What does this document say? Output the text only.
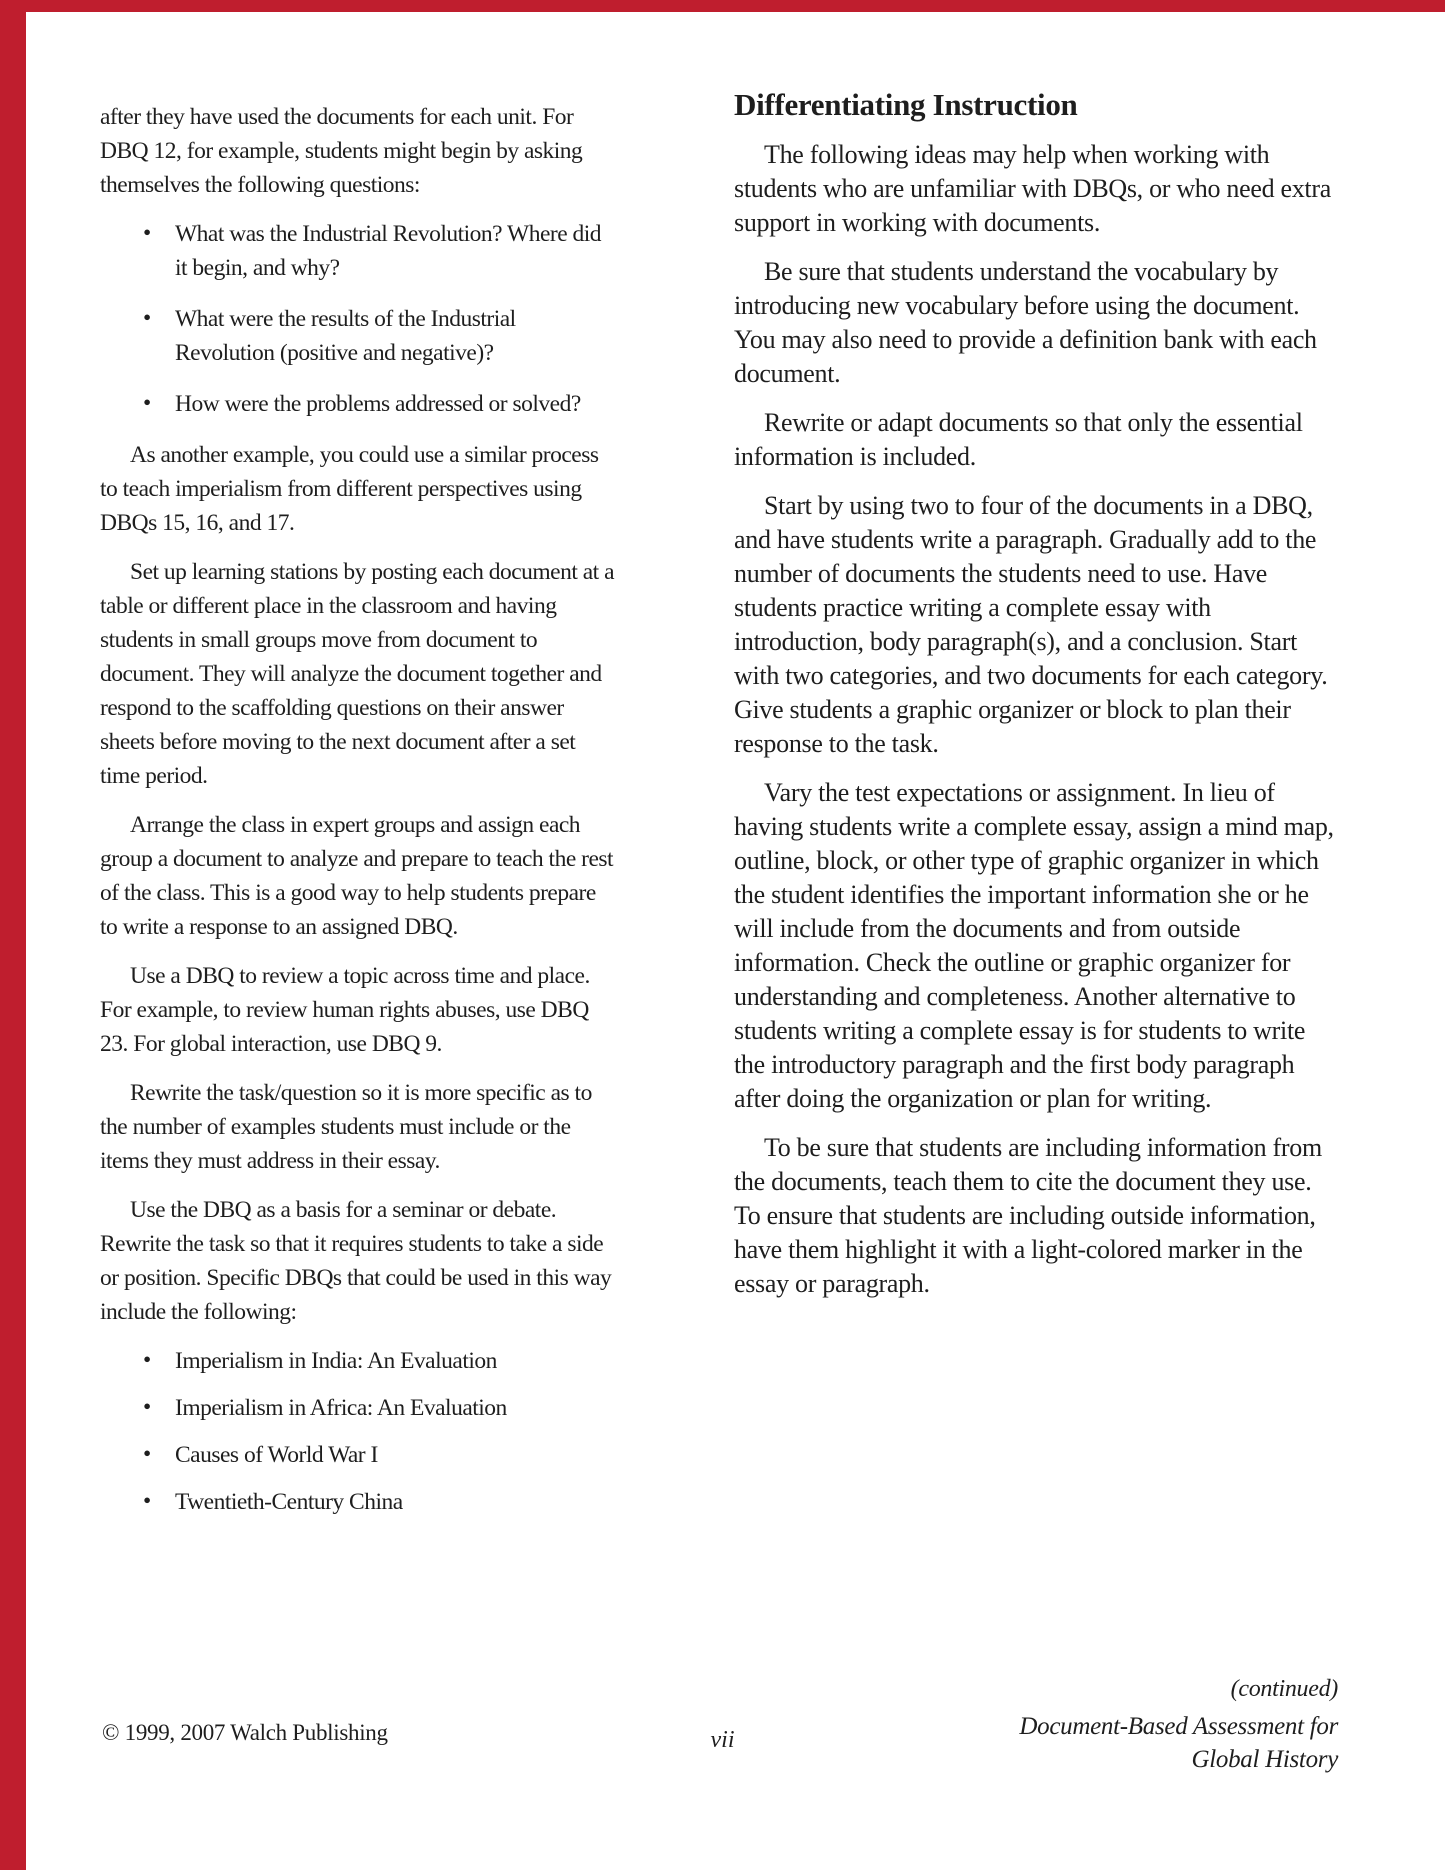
after they have used the documents for each unit. For DBQ 12, for example, students might begin by asking themselves the following questions:

• What was the Industrial Revolution? Where did it begin, and why?
• What were the results of the Industrial Revolution (positive and negative)?
• How were the problems addressed or solved?

As another example, you could use a similar process to teach imperialism from different perspectives using DBQs 15, 16, and 17.

Set up learning stations by posting each document at a table or different place in the classroom and having students in small groups move from document to document. They will analyze the document together and respond to the scaffolding questions on their answer sheets before moving to the next document after a set time period.

Arrange the class in expert groups and assign each group a document to analyze and prepare to teach the rest of the class. This is a good way to help students prepare to write a response to an assigned DBQ.

Use a DBQ to review a topic across time and place. For example, to review human rights abuses, use DBQ 23. For global interaction, use DBQ 9.

Rewrite the task/question so it is more specific as to the number of examples students must include or the items they must address in their essay.

Use the DBQ as a basis for a seminar or debate. Rewrite the task so that it requires students to take a side or position. Specific DBQs that could be used in this way include the following:

• Imperialism in India: An Evaluation
• Imperialism in Africa: An Evaluation
• Causes of World War I
• Twentieth-Century China
Differentiating Instruction

The following ideas may help when working with students who are unfamiliar with DBQs, or who need extra support in working with documents.

Be sure that students understand the vocabulary by introducing new vocabulary before using the document. You may also need to provide a definition bank with each document.

Rewrite or adapt documents so that only the essential information is included.

Start by using two to four of the documents in a DBQ, and have students write a paragraph. Gradually add to the number of documents the students need to use. Have students practice writing a complete essay with introduction, body paragraph(s), and a conclusion. Start with two categories, and two documents for each category. Give students a graphic organizer or block to plan their response to the task.

Vary the test expectations or assignment. In lieu of having students write a complete essay, assign a mind map, outline, block, or other type of graphic organizer in which the student identifies the important information she or he will include from the documents and from outside information. Check the outline or graphic organizer for understanding and completeness. Another alternative to students writing a complete essay is for students to write the introductory paragraph and the first body paragraph after doing the organization or plan for writing.

To be sure that students are including information from the documents, teach them to cite the document they use. To ensure that students are including outside information, have them highlight it with a light-colored marker in the essay or paragraph.

(continued)
© 1999, 2007 Walch Publishing	vii	Document-Based Assessment for
Global History
